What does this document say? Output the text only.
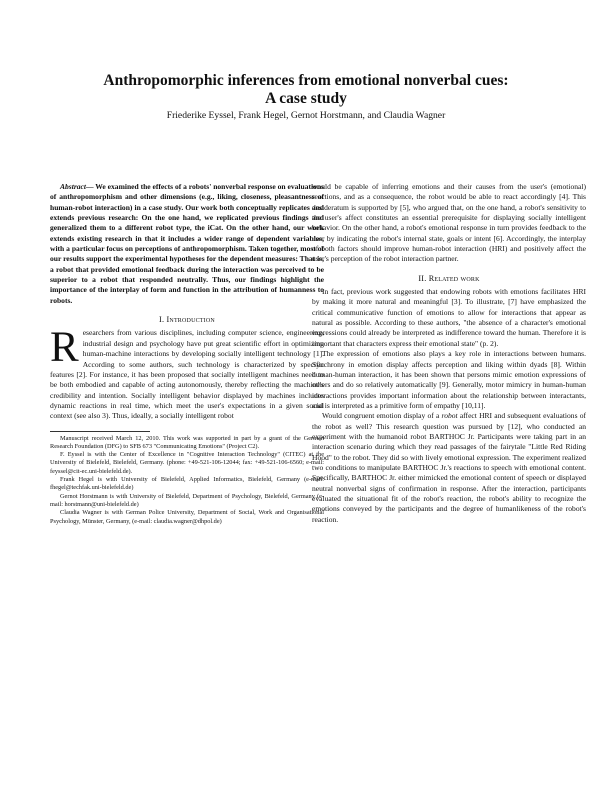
Anthropomorphic inferences from emotional nonverbal cues:
A case study
Friederike Eyssel, Frank Hegel, Gernot Horstmann, and Claudia Wagner

Abstract— We examined the effects of a robots' nonverbal response on evaluations of anthropomorphism and other dimensions (e.g., liking, closeness, pleasantness of human-robot interaction) in a case study. Our work both conceptually replicates and extends previous research: On the one hand, we replicated previous findings and generalized them to a different robot type, the iCat. On the other hand, our work extends existing research in that it includes a wider range of dependent variables, with a particular focus on perceptions of anthropomorphism. Taken together, most of our results support the experimental hypotheses for the dependent measures: That is, a robot that provided emotional feedback during the interaction was perceived to be superior to a robot that responded neutrally. Thus, our findings highlight the importance of the interplay of form and function in the attribution of humanness to robots.

I. Introduction

Researchers from various disciplines, including computer science, engineering, industrial design and psychology have put great scientific effort in optimizing human-machine interactions by developing socially intelligent technology [1]. According to some authors, such technology is characterized by specific features [2]. For instance, it has been proposed that socially intelligent machines need to be both embodied and capable of acting autonomously, thereby reflecting the machine's credibility and intention. Socially intelligent behavior displayed by machines includes dynamic reactions in real time, which meet the user's expectations in a given social context (see also 3). Thus, ideally, a socially intelligent robot

Manuscript received March 12, 2010. This work was supported in part by a grant of the German Research Foundation (DFG) to SFB 673 "Communicating Emotions" (Project C2).

F. Eyssel is with the Center of Excellence in "Cognitive Interaction Technology" (CITEC) at the University of Bielefeld, Bielefeld, Germany. (phone: +49-521-106-12044; fax: +49-521-106-6560; e-mail: feyssel@cit-ec.uni-bielefeld.de).

Frank Hegel is with University of Bielefeld, Applied Informatics, Bielefeld, Germany (e-mail: fhegel@techfak.uni-bielefeld.de)

Gernot Horstmann is with University of Bielefeld, Department of Psychology, Bielefeld, Germany (e-mail: horstmann@uni-bielefeld.de)

Claudia Wagner is with German Police University, Department of Social, Work and Organisational Psychology, Münster, Germany, (e-mail: claudia.wagner@dhpol.de)

would be capable of inferring emotions and their causes from the user's (emotional) reactions, and as a consequence, the robot would be able to react accordingly [4]. This desideratum is supported by [5], who argued that, on the one hand, a robot's sensitivity to the user's affect constitutes an essential prerequisite for displaying socially intelligent behavior. On the other hand, a robot's emotional response in turn provides feedback to the user by indicating the robot's internal state, goals or intent [6]. Accordingly, the interplay of both factors should improve human-robot interaction (HRI) and positively affect the user's perception of the robot interaction partner.

II. Related work

In fact, previous work suggested that endowing robots with emotions facilitates HRI by making it more natural and meaningful [3]. To illustrate, [7] have emphasized the critical communicative function of emotions to allow for interactions that appear as natural as possible. According to these authors, "the absence of a character's emotional expressions could already be interpreted as indifference toward the human. Therefore it is important that characters express their emotional state" (p. 2).

The expression of emotions also plays a key role in interactions between humans. Synchrony in emotion display affects perception and liking within dyads [8]. Within human-human interaction, it has been shown that persons mimic emotion expressions of others and do so relatively automatically [9]. Generally, motor mimicry in human-human interactions provides important information about the relationship between interactants, and is interpreted as a primitive form of empathy [10,11].

Would congruent emotion display of a robot affect HRI and subsequent evaluations of the robot as well? This research question was pursued by [12], who conducted an experiment with the humanoid robot BARTHOC Jr. Participants were taking part in an interaction scenario during which they read passages of the fairytale "Little Red Riding Hood" to the robot. They did so with lively emotional expression. The experiment realized two conditions to manipulate BARTHOC Jr.'s reactions to speech with emotional content. Specifically, BARTHOC Jr. either mimicked the emotional content of speech or displayed neutral nonverbal signs of confirmation in response. After the interaction, participants evaluated the situational fit of the robot's reaction, the robot's ability to recognize the emotions conveyed by the participants and the degree of humanlikeness of the robot's reaction.
